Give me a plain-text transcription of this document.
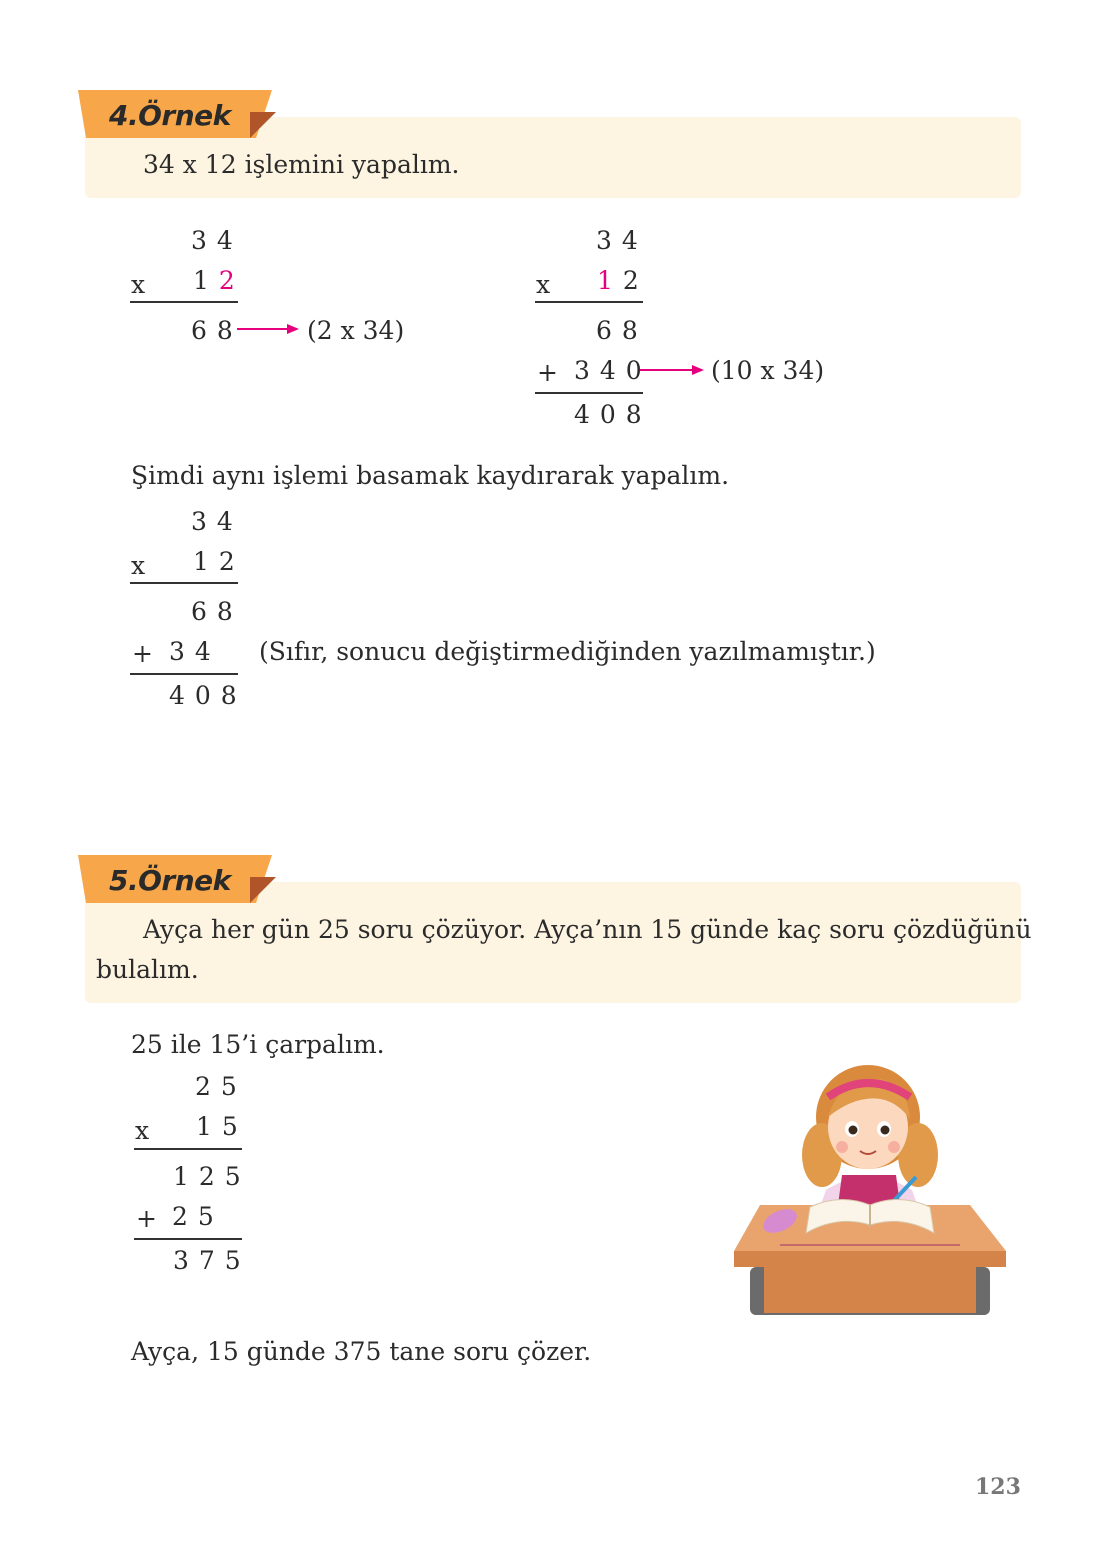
4.Örnek
34 x 12 işlemini yapalım.
3 4
x 1 2
6 8	(2 x 34)
3 4
x 1 2
6 8
+ 3 4 0	(10 x 34)
4 0 8
Şimdi aynı işlemi basamak kaydırarak yapalım.
3 4
x 1 2
6 8
+ 3 4 (Sıfır, sonucu değiştirmediğinden yazılmamıştır.)
4 0 8
5.Örnek
Ayça her gün 25 soru çözüyor. Ayça’nın 15 günde kaç soru çözdüğünü
bulalım.
25 ile 15’i çarpalım.
2 5
x 1 5
1 2 5
+ 2 5
3 7 5
Ayça, 15 günde 375 tane soru çözer.
123
